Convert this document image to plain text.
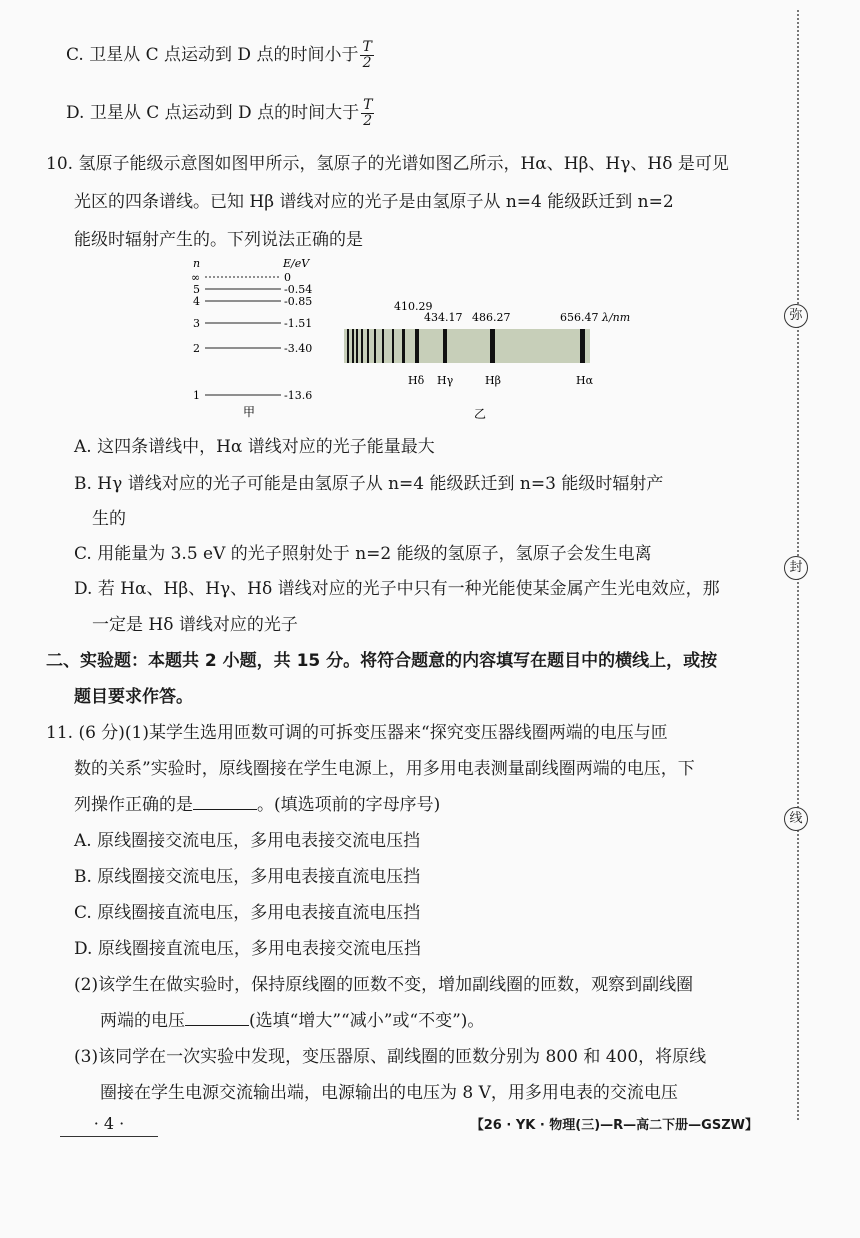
C. 卫星从 C 点运动到 D 点的时间小于 $\frac{T}{2}$
D. 卫星从 C 点运动到 D 点的时间大于 $\frac{T}{2}$
10. 氢原子能级示意图如图甲所示，氢原子的光谱如图乙所示，Hα、Hβ、Hγ、Hδ 是可见
光区的四条谱线。已知 Hβ 谱线对应的光子是由氢原子从 n=4 能级跃迁到 n=2
能级时辐射产生的。下列说法正确的是
n	E/eV
∞	0
5	-0.54
4	-0.85
3	-1.51
2	-3.40
1	-13.6
甲
410.29
434.17 486.27	656.47 λ/nm
Hδ Hγ	Hβ	Hα
乙
A. 这四条谱线中，Hα 谱线对应的光子能量最大
B. Hγ 谱线对应的光子可能是由氢原子从 n=4 能级跃迁到 n=3 能级时辐射产
生的
C. 用能量为 3.5 eV 的光子照射处于 n=2 能级的氢原子，氢原子会发生电离
D. 若 Hα、Hβ、Hγ、Hδ 谱线对应的光子中只有一种光能使某金属产生光电效应，那
一定是 Hδ 谱线对应的光子
二、实验题：本题共 2 小题，共 15 分。将符合题意的内容填写在题目中的横线上，或按
题目要求作答。
11. (6 分)(1)某学生选用匝数可调的可拆变压器来“探究变压器线圈两端的电压与匝
数的关系”实验时，原线圈接在学生电源上，用多用电表测量副线圈两端的电压，下
列操作正确的是	。(填选项前的字母序号)
A. 原线圈接交流电压，多用电表接交流电压挡
B. 原线圈接交流电压，多用电表接直流电压挡
C. 原线圈接直流电压，多用电表接直流电压挡
D. 原线圈接直流电压，多用电表接交流电压挡
(2)该学生在做实验时，保持原线圈的匝数不变，增加副线圈的匝数，观察到副线圈
两端的电压	(选填“增大”“减小”或“不变”)。
(3)该同学在一次实验中发现，变压器原、副线圈的匝数分别为 800 和 400，将原线
圈接在学生电源交流输出端，电源输出的电压为 8 V，用多用电表的交流电压
弥
封
线
· 4 ·	【26 · YK · 物理(三)—R—高二下册—GSZW】
